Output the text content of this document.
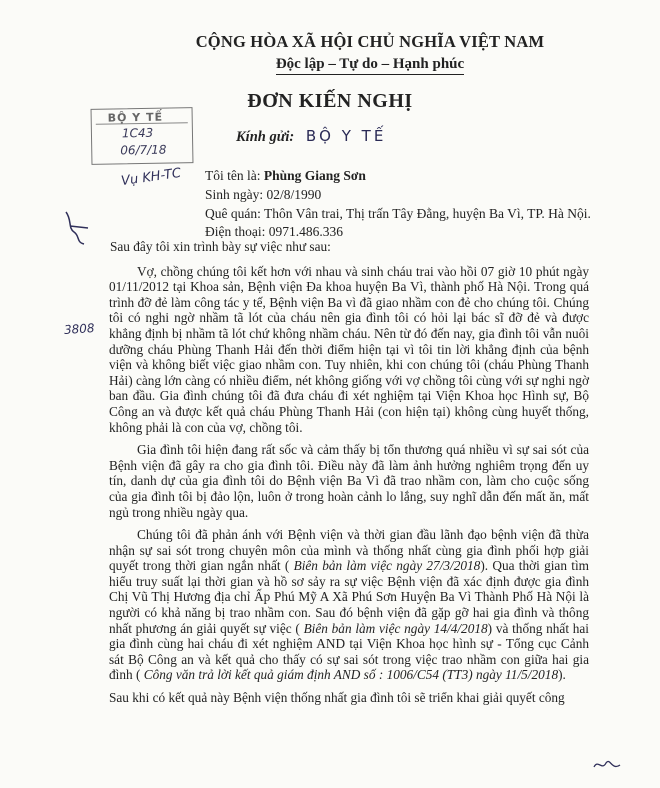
CỘNG HÒA XÃ HỘI CHỦ NGHĨA VIỆT NAM
Độc lập – Tự do – Hạnh phúc
ĐƠN KIẾN NGHỊ
BỘ Y TẾ
1C43
06/7/18
Vụ KH-TC
3808
Kính gửi: BỘ Y TẾ
Tôi tên là: Phùng Giang Sơn
Sinh ngày: 02/8/1990
Quê quán: Thôn Vân trai, Thị trấn Tây Đằng, huyện Ba Vì, TP. Hà Nội.
Điện thoại: 0971.486.336

Sau đây tôi xin trình bày sự việc như sau:

Vợ, chồng chúng tôi kết hơn với nhau và sinh cháu trai vào hồi 07 giờ 10 phút ngày 01/11/2012 tại Khoa sản, Bệnh viện Đa khoa huyện Ba Vì, thành phố Hà Nội. Trong quá trình đỡ đẻ làm công tác y tế, Bệnh viện Ba vì đã giao nhầm con đẻ cho chúng tôi. Chúng tôi có nghi ngờ nhầm tã lót của cháu nên gia đình tôi có hỏi lại bác sĩ đỡ đẻ và được khẳng định bị nhầm tã lót chứ không nhầm cháu. Nên từ đó đến nay, gia đình tôi vẫn nuôi dưỡng cháu Phùng Thanh Hải đến thời điểm hiện tại vì tôi tin lời khẳng định của bệnh viện và không biết việc giao nhầm con. Tuy nhiên, khi con chúng tôi (cháu Phùng Thanh Hải) càng lớn càng có nhiều điểm, nét không giống với vợ chồng tôi cùng với sự nghi ngờ ban đầu. Gia đình chúng tôi đã đưa cháu đi xét nghiệm tại Viện Khoa học Hình sự, Bộ Công an và được kết quả cháu Phùng Thanh Hải (con hiện tại) không cùng huyết thống, không phải là con của vợ, chồng tôi.

Gia đình tôi hiện đang rất sốc và cảm thấy bị tổn thương quá nhiều vì sự sai sót của Bệnh viện đã gây ra cho gia đình tôi. Điều này đã làm ảnh hưởng nghiêm trọng đến uy tín, danh dự của gia đình tôi do Bệnh viện Ba Vì đã trao nhầm con, làm cho cuộc sống của gia đình tôi bị đảo lộn, luôn ở trong hoàn cảnh lo lắng, suy nghĩ dẫn đến mất ăn, mất ngủ trong nhiều ngày qua.

Chúng tôi đã phản ánh với Bệnh viện và thời gian đầu lãnh đạo bệnh viện đã thừa nhận sự sai sót trong chuyên môn của mình và thống nhất cùng gia đình phối hợp giải quyết trong thời gian ngắn nhất ( Biên bản làm việc ngày 27/3/2018). Qua thời gian tìm hiểu truy suất lại thời gian và hồ sơ sảy ra sự việc Bệnh viện đã xác định được gia đình Chị Vũ Thị Hương địa chỉ Ấp Phú Mỹ A Xã Phú Sơn Huyện Ba Vì Thành Phố Hà Nội là người có khả năng bị trao nhầm con. Sau đó bệnh viện đã gặp gỡ hai gia đình và thông nhất phương án giải quyết sự việc ( Biên bản làm việc ngày 14/4/2018) và thống nhất hai gia đình cùng hai cháu đi xét nghiệm AND tại Viện Khoa học hình sự - Tổng cục Cảnh sát Bộ Công an và kết quả cho thấy có sự sai sót trong việc trao nhầm con giữa hai gia đình ( Công văn trả lời kết quả giám định AND số : 1006/C54 (TT3) ngày 11/5/2018).

Sau khi có kết quả này Bệnh viện thống nhất gia đình tôi sẽ triển khai giải quyết công
